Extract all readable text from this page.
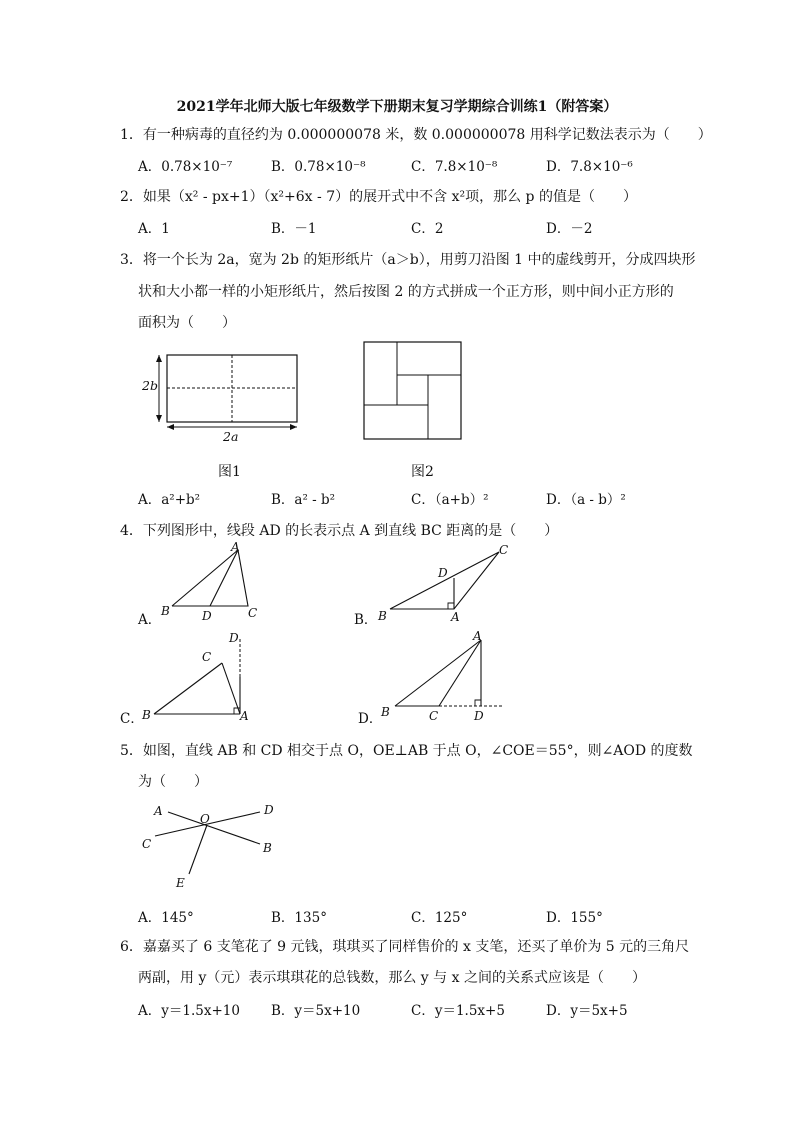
2021学年北师大版七年级数学下册期末复习学期综合训练1（附答案）
1．有一种病毒的直径约为 0.000000078 米，数 0.000000078 用科学记数法表示为（　　）
A．0.78×10⁻⁷	B．0.78×10⁻⁸	C．7.8×10⁻⁸	D．7.8×10⁻⁶
2．如果（x² - px+1）（x²+6x - 7）的展开式中不含 x²项，那么 p 的值是（　　）
A．1	B．－1	C．2	D．－2
3．将一个长为 2a，宽为 2b 的矩形纸片（a＞b），用剪刀沿图 1 中的虚线剪开，分成四块形
状和大小都一样的小矩形纸片，然后按图 2 的方式拼成一个正方形，则中间小正方形的
面积为（　　）
2b
2a
图1	图2
A．a²+b²	B．a² - b²	C．（a+b）²	D．（a - b）²
4．下列图形中，线段 AD 的长表示点 A 到直线 BC 距离的是（　　）
A．
A
B	D	C	B． B	A
C
D
C．
B	A
C
D
D．
B	C	D
A
5．如图，直线 AB 和 CD 相交于点 O，OE⊥AB 于点 O，∠COE＝55°，则∠AOD 的度数
为（　　）
A
C
D
B
O
E
A．145°	B．135°	C．125°	D．155°
6．嘉嘉买了 6 支笔花了 9 元钱，琪琪买了同样售价的 x 支笔，还买了单价为 5 元的三角尺
两副，用 y（元）表示琪琪花的总钱数，那么 y 与 x 之间的关系式应该是（　　）
A．y＝1.5x+10 B．y＝5x+10	C．y＝1.5x+5	D．y＝5x+5
